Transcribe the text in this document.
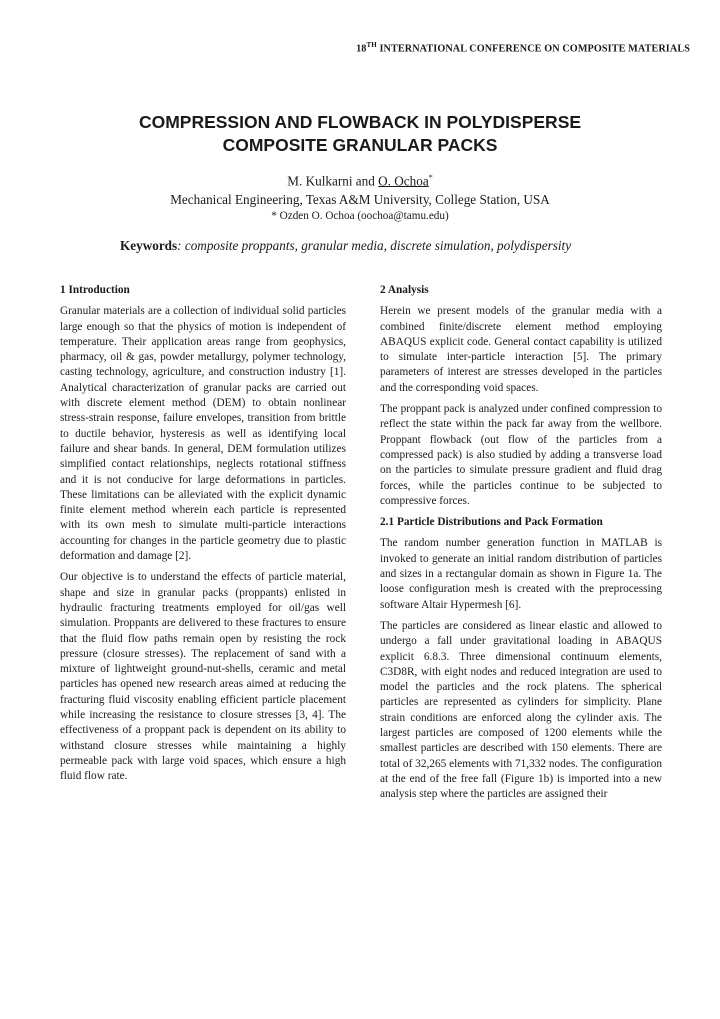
18TH INTERNATIONAL CONFERENCE ON COMPOSITE MATERIALS
COMPRESSION AND FLOWBACK IN POLYDISPERSE
COMPOSITE GRANULAR PACKS
M. Kulkarni and O. Ochoa*
Mechanical Engineering, Texas A&M University, College Station, USA
* Ozden O. Ochoa (oochoa@tamu.edu)
Keywords: composite proppants, granular media, discrete simulation, polydispersity
1 Introduction

Granular materials are a collection of individual solid particles large enough so that the physics of motion is independent of temperature. Their application areas range from geophysics, pharmacy, oil & gas, powder metallurgy, polymer technology, casting technology, agriculture, and construction industry [1]. Analytical characterization of granular packs are carried out with discrete element method (DEM) to obtain nonlinear stress-strain response, failure envelopes, transition from brittle to ductile behavior, hysteresis as well as identifying local failure and shear bands. In general, DEM formulation utilizes simplified contact relationships, neglects rotational stiffness and it is not conducive for large deformations in particles. These limitations can be alleviated with the explicit dynamic finite element method wherein each particle is represented with its own mesh to simulate multi-particle interactions accounting for changes in the particle geometry due to plastic deformation and damage [2].

Our objective is to understand the effects of particle material, shape and size in granular packs (proppants) enlisted in hydraulic fracturing treatments employed for oil/gas well simulation. Proppants are delivered to these fractures to ensure that the fluid flow paths remain open by resisting the rock pressure (closure stresses). The replacement of sand with a mixture of lightweight ground-nut-shells, ceramic and metal particles has opened new research areas aimed at reducing the fracturing fluid viscosity enabling efficient particle placement while increasing the resistance to closure stresses [3, 4]. The effectiveness of a proppant pack is dependent on its ability to withstand closure stresses while maintaining a highly permeable pack with large void spaces, which ensure a high fluid flow rate.

2 Analysis

Herein we present models of the granular media with a combined finite/discrete element method employing ABAQUS explicit code. General contact capability is utilized to simulate inter-particle interaction [5]. The primary parameters of interest are stresses developed in the particles and the corresponding void spaces.

The proppant pack is analyzed under confined compression to reflect the state within the pack far away from the wellbore. Proppant flowback (out flow of the particles from a compressed pack) is also studied by adding a transverse load on the particles to simulate pressure gradient and fluid drag forces, while the particles continue to be subjected to compressive forces.

2.1 Particle Distributions and Pack Formation

The random number generation function in MATLAB is invoked to generate an initial random distribution of particles and sizes in a rectangular domain as shown in Figure 1a. The loose configuration mesh is created with the preprocessing software Altair Hypermesh [6].

The particles are considered as linear elastic and allowed to undergo a fall under gravitational loading in ABAQUS explicit 6.8.3. Three dimensional continuum elements, C3D8R, with eight nodes and reduced integration are used to model the particles and the rock platens. The spherical particles are represented as cylinders for simplicity. Plane strain conditions are enforced along the cylinder axis. The largest particles are composed of 1200 elements while the smallest particles are described with 150 elements. There are total of 32,265 elements with 71,332 nodes. The configuration at the end of the free fall (Figure 1b) is imported into a new analysis step where the particles are assigned their
